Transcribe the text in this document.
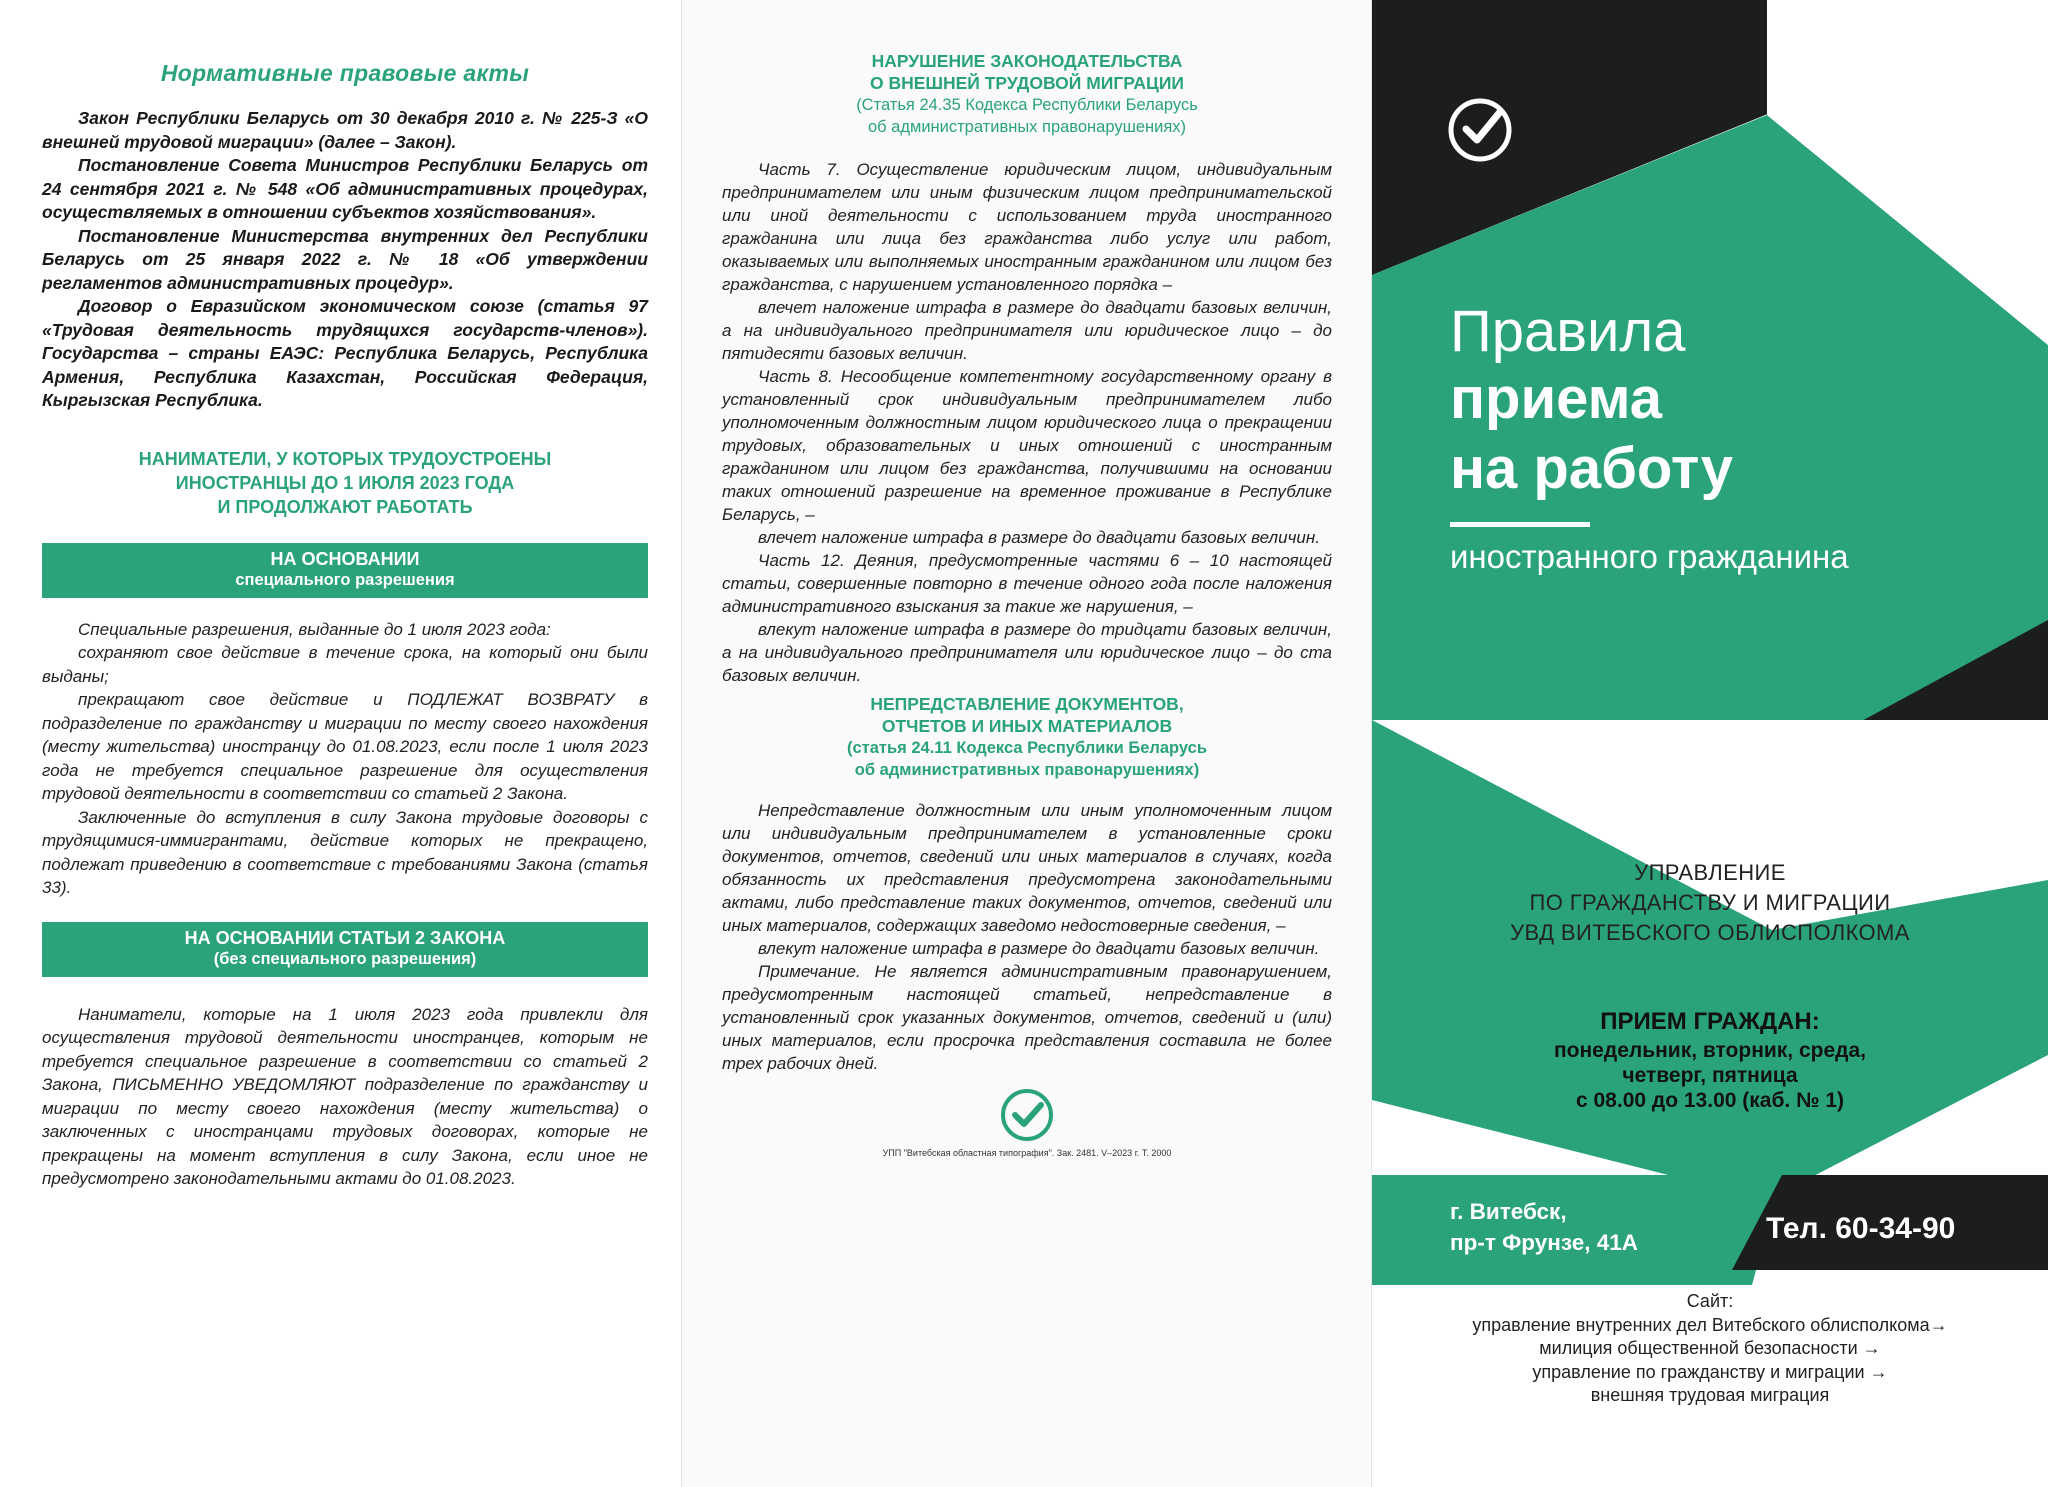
Нормативные правовые акты

Закон Республики Беларусь от 30 декабря 2010 г. № 225-З «О внешней трудовой миграции» (далее – Закон).

Постановление Совета Министров Республики Беларусь от 24 сентября 2021 г. № 548 «Об административных процедурах, осуществляемых в отношении субъектов хозяйствования».

Постановление Министерства внутренних дел Республики Беларусь от 25 января 2022 г. № 18 «Об утверждении регламентов административных процедур».

Договор о Евразийском экономическом союзе (статья 97 «Трудовая деятельность трудящихся государств-членов»). Государства – страны ЕАЭС: Республика Беларусь, Республика Армения, Республика Казахстан, Российская Федерация, Кыргызская Республика.

НАНИМАТЕЛИ, У КОТОРЫХ ТРУДОУСТРОЕНЫ

ИНОСТРАНЦЫ ДО 1 ИЮЛЯ 2023 ГОДА

И ПРОДОЛЖАЮТ РАБОТАТЬ

НА ОСНОВАНИИ
специального разрешения

Специальные разрешения, выданные до 1 июля 2023 года:

сохраняют свое действие в течение срока, на который они были выданы;

прекращают свое действие и ПОДЛЕЖАТ ВОЗВРАТУ в подразделение по гражданству и миграции по месту своего нахождения (месту жительства) иностранцу до 01.08.2023, если после 1 июля 2023 года не требуется специальное разрешение для осуществления трудовой деятельности в соответствии со статьей 2 Закона.

Заключенные до вступления в силу Закона трудовые договоры с трудящимися-иммигрантами, действие которых не прекращено, подлежат приведению в соответствие с требованиями Закона (статья 33).

НА ОСНОВАНИИ СТАТЬИ 2 ЗАКОНА
(без специального разрешения)

Наниматели, которые на 1 июля 2023 года привлекли для осуществления трудовой деятельности иностранцев, которым не требуется специальное разрешение в соответствии со статьей 2 Закона, ПИСЬМЕННО УВЕДОМЛЯЮТ подразделение по гражданству и миграции по месту своего нахождения (месту жительства) о заключенных с иностранцами трудовых договорах, которые не прекращены на момент вступления в силу Закона, если иное не предусмотрено законодательными актами до 01.08.2023.

НАРУШЕНИЕ ЗАКОНОДАТЕЛЬСТВА

О ВНЕШНЕЙ ТРУДОВОЙ МИГРАЦИИ

(Статья 24.35 Кодекса Республики Беларусь

об административных правонарушениях)

Часть 7. Осуществление юридическим лицом, индивидуальным предпринимателем или иным физическим лицом предпринимательской или иной деятельности с использованием труда иностранного гражданина или лица без гражданства либо услуг или работ, оказываемых или выполняемых иностранным гражданином или лицом без гражданства, с нарушением установленного порядка –

влечет наложение штрафа в размере до двадцати базовых величин, а на индивидуального предпринимателя или юридическое лицо – до пятидесяти базовых величин.

Часть 8. Несообщение компетентному государственному органу в установленный срок индивидуальным предпринимателем либо уполномоченным должностным лицом юридического лица о прекращении трудовых, образовательных и иных отношений с иностранным гражданином или лицом без гражданства, получившими на основании таких отношений разрешение на временное проживание в Республике Беларусь, –

влечет наложение штрафа в размере до двадцати базовых величин.

Часть 12. Деяния, предусмотренные частями 6 – 10 настоящей статьи, совершенные повторно в течение одного года после наложения административного взыскания за такие же нарушения, –

влекут наложение штрафа в размере до тридцати базовых величин, а на индивидуального предпринимателя или юридическое лицо – до ста базовых величин.

НЕПРЕДСТАВЛЕНИЕ ДОКУМЕНТОВ,

ОТЧЕТОВ И ИНЫХ МАТЕРИАЛОВ

(статья 24.11 Кодекса Республики Беларусь

об административных правонарушениях)

Непредставление должностным или иным уполномоченным лицом или индивидуальным предпринимателем в установленные сроки документов, отчетов, сведений или иных материалов в случаях, когда обязанность их представления предусмотрена законодательными актами, либо представление таких документов, отчетов, сведений или иных материалов, содержащих заведомо недостоверные сведения, –

влекут наложение штрафа в размере до двадцати базовых величин.

Примечание. Не является административным правонарушением, предусмотренным настоящей статьей, непредставление в установленный срок указанных документов, отчетов, сведений и (или) иных материалов, если просрочка представления составила не более трех рабочих дней.

УПП "Витебская областная типография". Зак. 2481. V–2023 г. Т. 2000
Правила
приема
на работу
иностранного гражданина
УПРАВЛЕНИЕ
ПО ГРАЖДАНСТВУ И МИГРАЦИИ
УВД ВИТЕБСКОГО ОБЛИСПОЛКОМА
ПРИЕМ ГРАЖДАН:
понедельник, вторник, среда,
четверг, пятница
с 08.00 до 13.00 (каб. № 1)
г. Витебск,
пр-т Фрунзе, 41А	Тел. 60-34-90
Сайт:
управление внутренних дел Витебского облисполкома→
милиция общественной безопасности →
управление по гражданству и миграции →
внешняя трудовая миграция
